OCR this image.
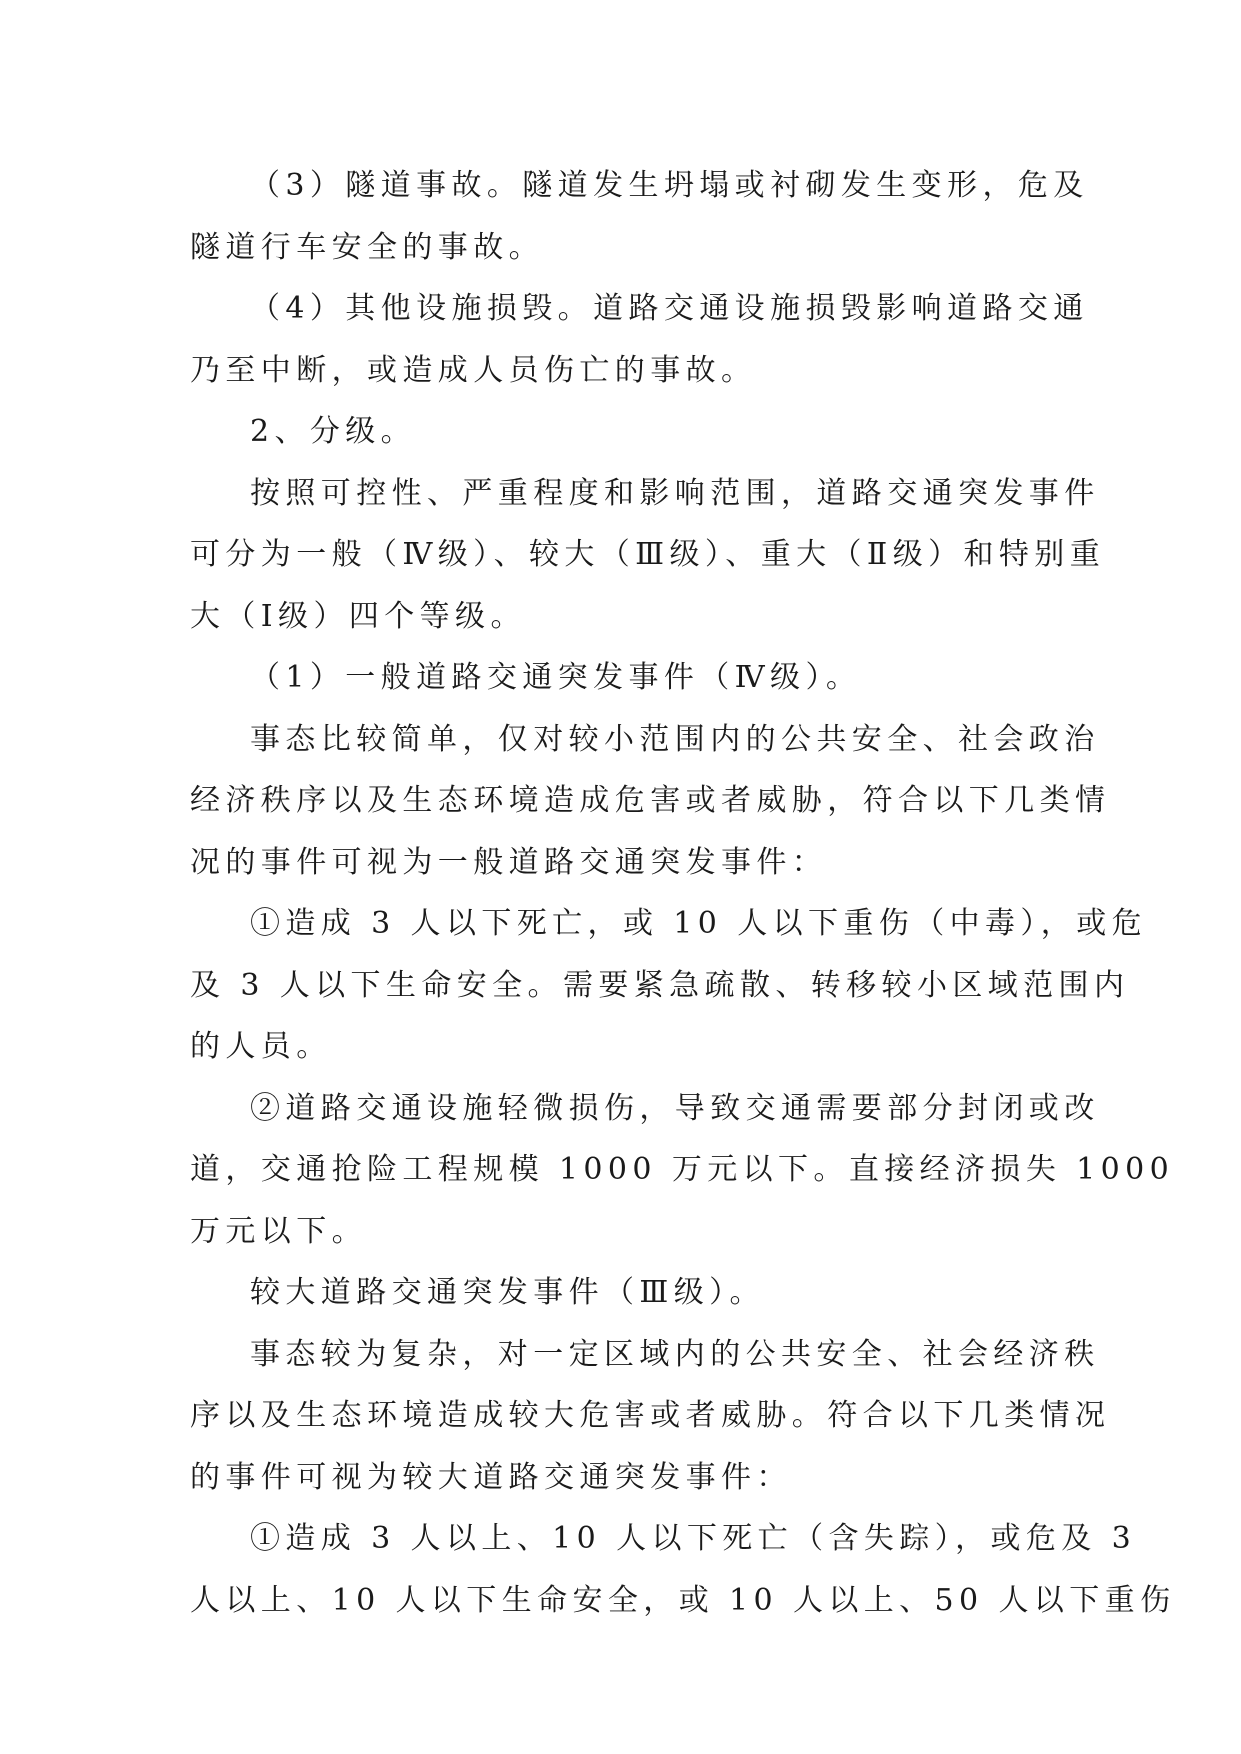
（3）隧道事故。隧道发生坍塌或衬砌发生变形，危及
隧道行车安全的事故。
（4）其他设施损毁。道路交通设施损毁影响道路交通
乃至中断，或造成人员伤亡的事故。
2、分级。
按照可控性、严重程度和影响范围，道路交通突发事件
可分为一般（Ⅳ级）、较大（Ⅲ级）、重大（Ⅱ级）和特别重
大（Ⅰ级）四个等级。
（1）一般道路交通突发事件（Ⅳ级）。
事态比较简单，仅对较小范围内的公共安全、社会政治
经济秩序以及生态环境造成危害或者威胁，符合以下几类情
况的事件可视为一般道路交通突发事件：
①造成 3 人以下死亡，或 10 人以下重伤（中毒），或危
及 3 人以下生命安全。需要紧急疏散、转移较小区域范围内
的人员。
②道路交通设施轻微损伤，导致交通需要部分封闭或改
道，交通抢险工程规模 1000 万元以下。直接经济损失 1000
万元以下。
较大道路交通突发事件（Ⅲ级）。
事态较为复杂，对一定区域内的公共安全、社会经济秩
序以及生态环境造成较大危害或者威胁。符合以下几类情况
的事件可视为较大道路交通突发事件：
①造成 3 人以上、10 人以下死亡（含失踪），或危及 3
人以上、10 人以下生命安全，或 10 人以上、50 人以下重伤
